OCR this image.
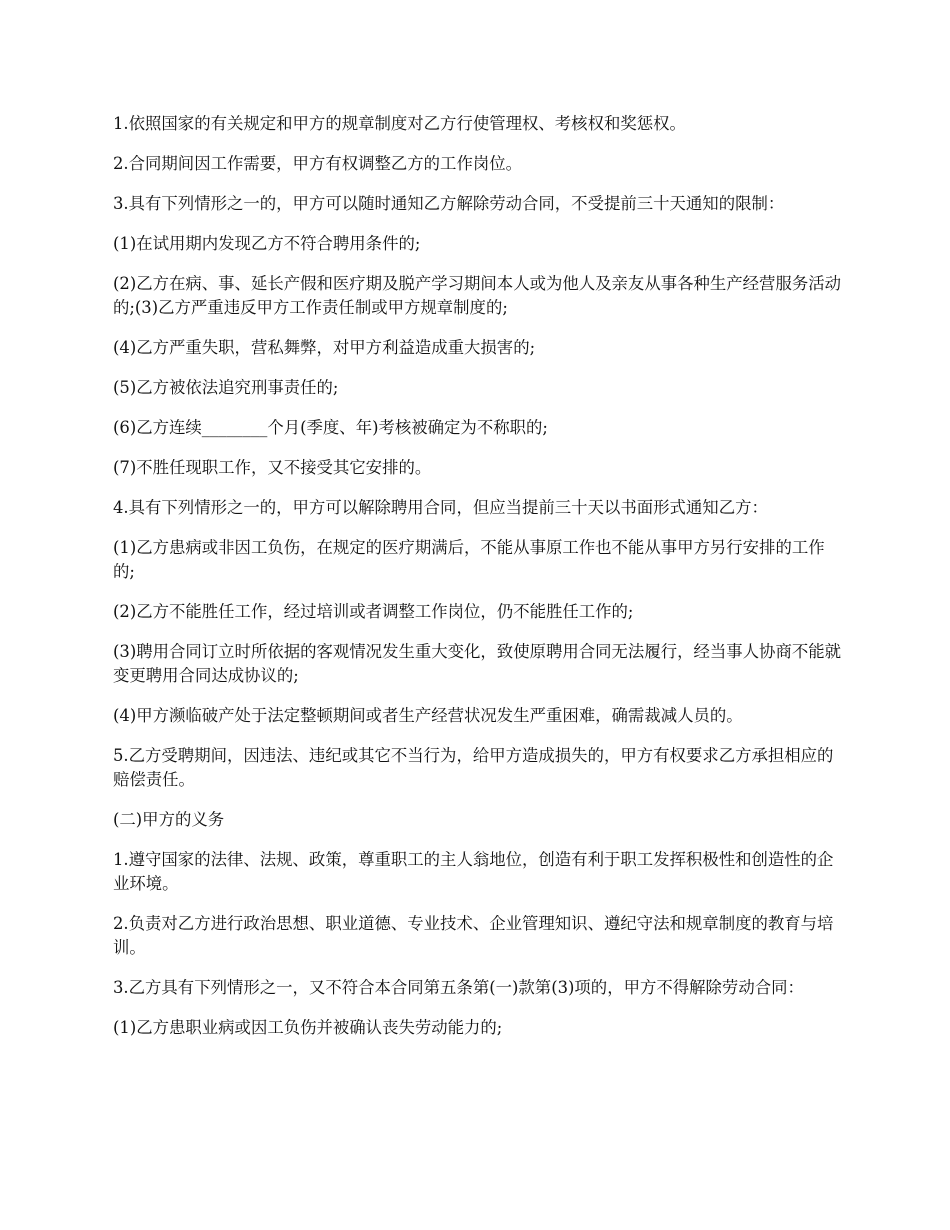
1.依照国家的有关规定和甲方的规章制度对乙方行使管理权、考核权和奖惩权。

2.合同期间因工作需要，甲方有权调整乙方的工作岗位。

3.具有下列情形之一的，甲方可以随时通知乙方解除劳动合同，不受提前三十天通知的限制：

(1)在试用期内发现乙方不符合聘用条件的;

(2)乙方在病、事、延长产假和医疗期及脱产学习期间本人或为他人及亲友从事各种生产经营服务活动的;(3)乙方严重违反甲方工作责任制或甲方规章制度的;

(4)乙方严重失职，营私舞弊，对甲方利益造成重大损害的;

(5)乙方被依法追究刑事责任的;

(6)乙方连续________个月(季度、年)考核被确定为不称职的;

(7)不胜任现职工作，又不接受其它安排的。

4.具有下列情形之一的，甲方可以解除聘用合同，但应当提前三十天以书面形式通知乙方：

(1)乙方患病或非因工负伤，在规定的医疗期满后，不能从事原工作也不能从事甲方另行安排的工作的;

(2)乙方不能胜任工作，经过培训或者调整工作岗位，仍不能胜任工作的;

(3)聘用合同订立时所依据的客观情况发生重大变化，致使原聘用合同无法履行，经当事人协商不能就变更聘用合同达成协议的;

(4)甲方濒临破产处于法定整顿期间或者生产经营状况发生严重困难，确需裁减人员的。

5.乙方受聘期间，因违法、违纪或其它不当行为，给甲方造成损失的，甲方有权要求乙方承担相应的赔偿责任。

(二)甲方的义务

1.遵守国家的法律、法规、政策，尊重职工的主人翁地位，创造有利于职工发挥积极性和创造性的企业环境。

2.负责对乙方进行政治思想、职业道德、专业技术、企业管理知识、遵纪守法和规章制度的教育与培训。

3.乙方具有下列情形之一，又不符合本合同第五条第(一)款第(3)项的，甲方不得解除劳动合同：

(1)乙方患职业病或因工负伤并被确认丧失劳动能力的;
